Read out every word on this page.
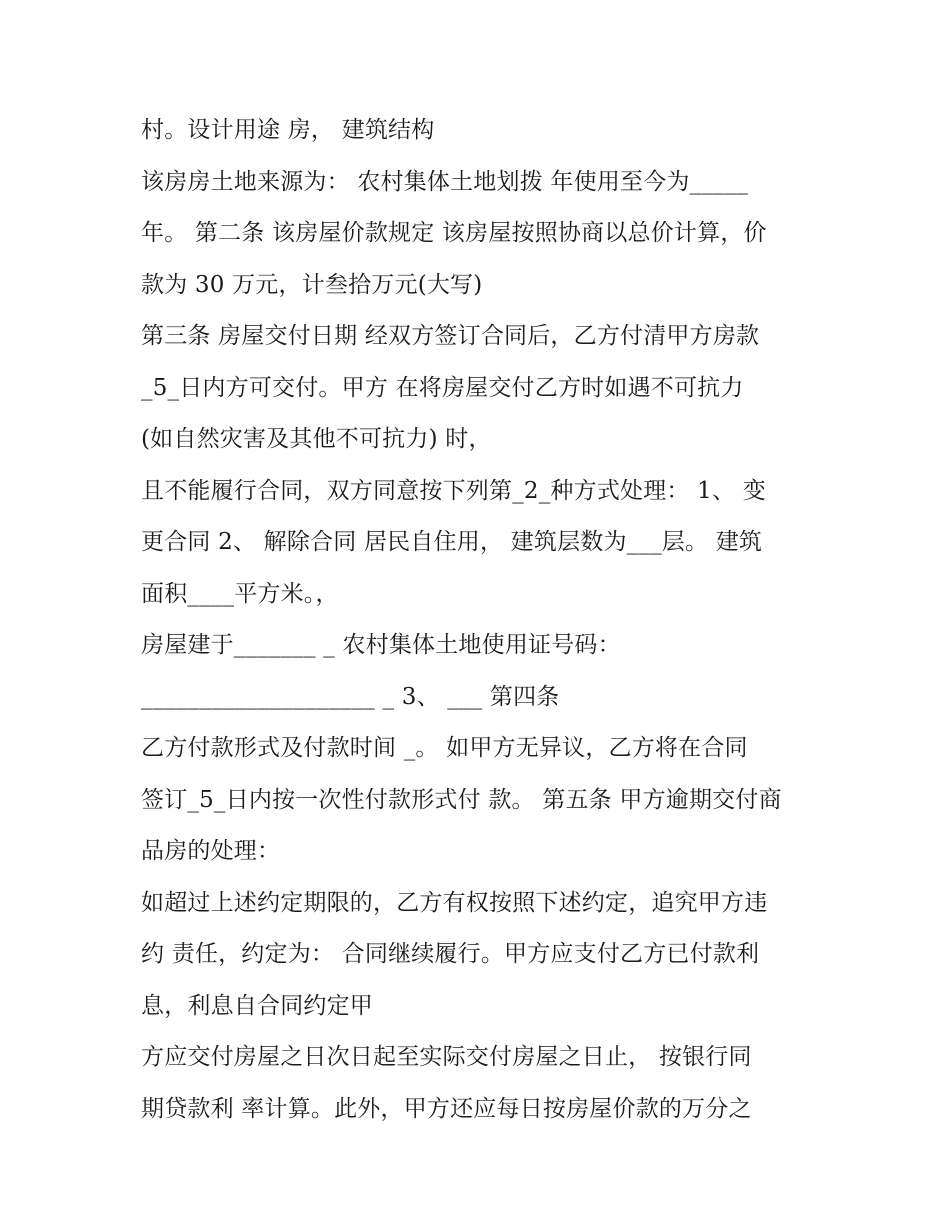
村。设计用途 房， 建筑结构
该房房土地来源为： 农村集体土地划拨 年使用至今为_____
年。 第二条 该房屋价款规定 该房屋按照协商以总价计算，价
款为 30 万元，计叁拾万元(大写)
第三条 房屋交付日期 经双方签订合同后，乙方付清甲方房款
_5_日内方可交付。甲方 在将房屋交付乙方时如遇不可抗力
(如自然灾害及其他不可抗力) 时，
且不能履行合同，双方同意按下列第_2_种方式处理： 1、 变
更合同 2、 解除合同 居民自住用， 建筑层数为___层。 建筑
面积____平方米。，
房屋建于_______ _ 农村集体土地使用证号码：
____________________ _ 3、 ___ 第四条
乙方付款形式及付款时间 _。 如甲方无异议，乙方将在合同
签订_5_日内按一次性付款形式付 款。 第五条 甲方逾期交付商
品房的处理：
如超过上述约定期限的，乙方有权按照下述约定，追究甲方违
约 责任，约定为： 合同继续履行。甲方应支付乙方已付款利
息，利息自合同约定甲
方应交付房屋之日次日起至实际交付房屋之日止， 按银行同
期贷款利 率计算。此外，甲方还应每日按房屋价款的万分之
